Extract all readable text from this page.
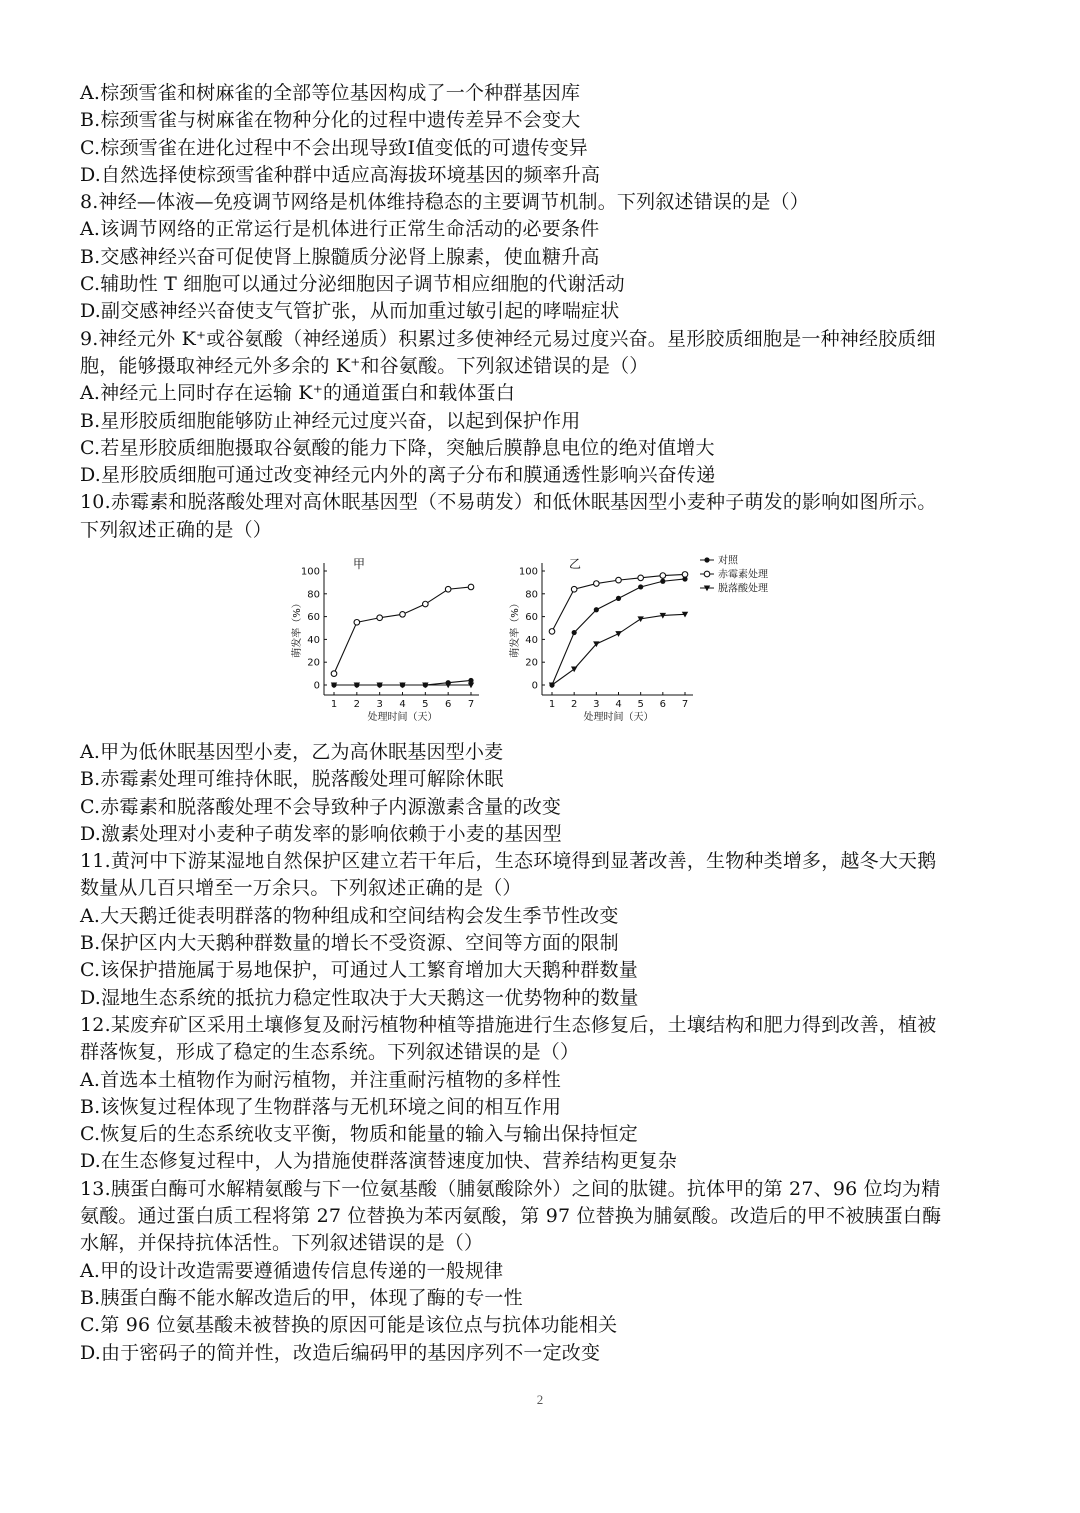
A.棕颈雪雀和树麻雀的全部等位基因构成了一个种群基因库
B.棕颈雪雀与树麻雀在物种分化的过程中遗传差异不会变大
C.棕颈雪雀在进化过程中不会出现导致I值变低的可遗传变异
D.自然选择使棕颈雪雀种群中适应高海拔环境基因的频率升高
8.神经—体液—免疫调节网络是机体维持稳态的主要调节机制。下列叙述错误的是（）
A.该调节网络的正常运行是机体进行正常生命活动的必要条件
B.交感神经兴奋可促使肾上腺髓质分泌肾上腺素，使血糖升高
C.辅助性 T 细胞可以通过分泌细胞因子调节相应细胞的代谢活动
D.副交感神经兴奋使支气管扩张，从而加重过敏引起的哮喘症状
9.神经元外 K⁺或谷氨酸（神经递质）积累过多使神经元易过度兴奋。星形胶质细胞是一种神经胶质细
胞，能够摄取神经元外多余的 K⁺和谷氨酸。下列叙述错误的是（）
A.神经元上同时存在运输 K⁺的通道蛋白和载体蛋白
B.星形胶质细胞能够防止神经元过度兴奋，以起到保护作用
C.若星形胶质细胞摄取谷氨酸的能力下降，突触后膜静息电位的绝对值增大
D.星形胶质细胞可通过改变神经元内外的离子分布和膜通透性影响兴奋传递
10.赤霉素和脱落酸处理对高休眠基因型（不易萌发）和低休眠基因型小麦种子萌发的影响如图所示。
下列叙述正确的是（）
0
20
40
60
80
100
1 2 3 4 5 6 7
甲
处理时间（天）
萌发率（%）
0
20
40
60
80
100
1 2 3 4 5 6 7
乙
处理时间（天）
萌发率（%）
对照
赤霉素处理
脱落酸处理
A.甲为低休眠基因型小麦，乙为高休眠基因型小麦
B.赤霉素处理可维持休眠，脱落酸处理可解除休眠
C.赤霉素和脱落酸处理不会导致种子内源激素含量的改变
D.激素处理对小麦种子萌发率的影响依赖于小麦的基因型
11.黄河中下游某湿地自然保护区建立若干年后，生态环境得到显著改善，生物种类增多，越冬大天鹅
数量从几百只增至一万余只。下列叙述正确的是（）
A.大天鹅迁徙表明群落的物种组成和空间结构会发生季节性改变
B.保护区内大天鹅种群数量的增长不受资源、空间等方面的限制
C.该保护措施属于易地保护，可通过人工繁育增加大天鹅种群数量
D.湿地生态系统的抵抗力稳定性取决于大天鹅这一优势物种的数量
12.某废弃矿区采用土壤修复及耐污植物种植等措施进行生态修复后，土壤结构和肥力得到改善，植被
群落恢复，形成了稳定的生态系统。下列叙述错误的是（）
A.首选本土植物作为耐污植物，并注重耐污植物的多样性
B.该恢复过程体现了生物群落与无机环境之间的相互作用
C.恢复后的生态系统收支平衡，物质和能量的输入与输出保持恒定
D.在生态修复过程中，人为措施使群落演替速度加快、营养结构更复杂
13.胰蛋白酶可水解精氨酸与下一位氨基酸（脯氨酸除外）之间的肽键。抗体甲的第 27、96 位均为精
氨酸。通过蛋白质工程将第 27 位替换为苯丙氨酸，第 97 位替换为脯氨酸。改造后的甲不被胰蛋白酶
水解，并保持抗体活性。下列叙述错误的是（）
A.甲的设计改造需要遵循遗传信息传递的一般规律
B.胰蛋白酶不能水解改造后的甲，体现了酶的专一性
C.第 96 位氨基酸未被替换的原因可能是该位点与抗体功能相关
D.由于密码子的简并性，改造后编码甲的基因序列不一定改变
2
